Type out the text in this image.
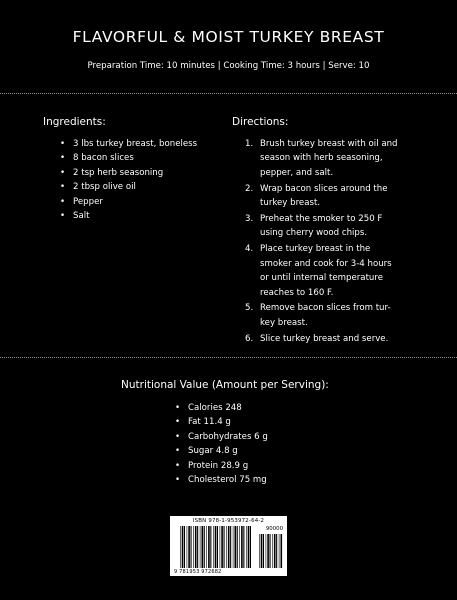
FLAVORFUL & MOIST TURKEY BREAST
Preparation Time: 10 minutes | Cooking Time: 3 hours | Serve: 10
Ingredients:
• 3 lbs turkey breast, boneless
• 8 bacon slices
• 2 tsp herb seasoning
• 2 tbsp olive oil
• Pepper
• Salt
Directions:
1. Brush turkey breast with oil and
season with herb seasoning,
pepper, and salt.
2. Wrap bacon slices around the
turkey breast.
3. Preheat the smoker to 250 F
using cherry wood chips.
4. Place turkey breast in the
smoker and cook for 3-4 hours
or until internal temperature
reaches to 160 F.
5. Remove bacon slices from tur-
key breast.
6. Slice turkey breast and serve.
Nutritional Value (Amount per Serving):
• Calories 248
• Fat 11.4 g
• Carbohydrates 6 g
• Sugar 4.8 g
• Protein 28.9 g
• Cholesterol 75 mg
ISBN 978-1-953972-64-2
90000
9 781953 972682
